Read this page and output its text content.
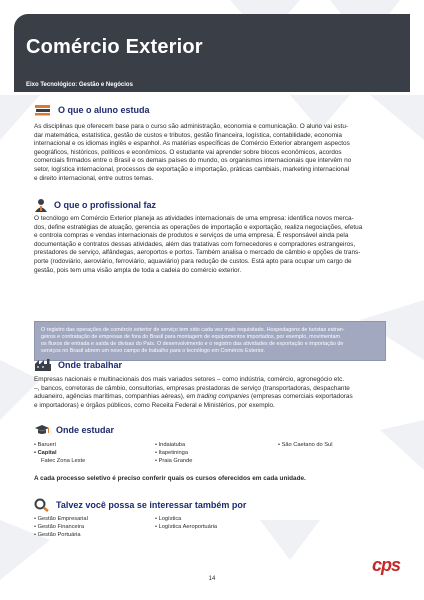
Comércio Exterior
Eixo Tecnológico: Gestão e Negócios
O que o aluno estuda
As disciplinas que oferecem base para o curso são administração, economia e comunicação. O aluno vai estu-
dar matemática, estatística, gestão de custos e tributos, gestão financeira, logística, contabilidade, economia
internacional e os idiomas inglês e espanhol. As matérias específicas de Comércio Exterior abrangem aspectos
geográficos, históricos, políticos e econômicos. O estudante vai aprender sobre blocos econômicos, acordos
comerciais firmados entre o Brasil e os demais países do mundo, os organismos internacionais que intervêm no
setor, logística internacional, processos de exportação e importação, práticas cambiais, marketing internacional
e direito internacional, entre outros temas.
O que o profissional faz
O tecnólogo em Comércio Exterior planeja as atividades internacionais de uma empresa: identifica novos merca-
dos, define estratégias de atuação, gerencia as operações de importação e exportação, realiza negociações, efetua
e controla compras e vendas internacionais de produtos e serviços de uma empresa. É responsável ainda pela
documentação e contratos dessas atividades, além das tratativas com fornecedores e compradores estrangeiros,
prestadores de serviço, alfândegas, aeroportos e portos. Também analisa o mercado de câmbio e opções de trans-
porte (rodoviário, aeroviário, ferroviário, aquaviário) para redução de custos. Está apto para ocupar um cargo de
gestão, pois tem uma visão ampla de toda a cadeia do comércio exterior.

O registro das operações de comércio exterior de serviço tem sido cada vez mais requisitado. Hospedagens de turistas estran-
geiros e contratação de empresas de fora do Brasil para montagem de equipamentos importados, por exemplo, movimentam
os fluxos de entrada e saída de divisas do País. O desenvolvimento e o registro das atividades de exportação e importação de
serviços no Brasil abrem um novo campo de trabalho para o tecnólogo em Comércio Exterior.

Onde trabalhar
Empresas nacionais e multinacionais dos mais variados setores – como indústria, comércio, agronegócio etc.
–, bancos, corretoras de câmbio, consultorias, empresas prestadoras de serviço (transportadoras, despachante
aduaneiro, agências marítimas, companhias aéreas), em trading companies (empresas comerciais exportadoras
e importadoras) e órgãos públicos, como Receita Federal e Ministérios, por exemplo.
Onde estudar
• Barueri
• Capital
Fatec Zona Leste
• Indaiatuba
• Itapetininga
• Praia Grande
• São Caetano do Sul
A cada processo seletivo é preciso conferir quais os cursos oferecidos em cada unidade.
Talvez você possa se interessar também por
• Gestão Empresarial
• Gestão Financeira
• Gestão Portuária
• Logística
• Logística Aeroportuária
cps
14
